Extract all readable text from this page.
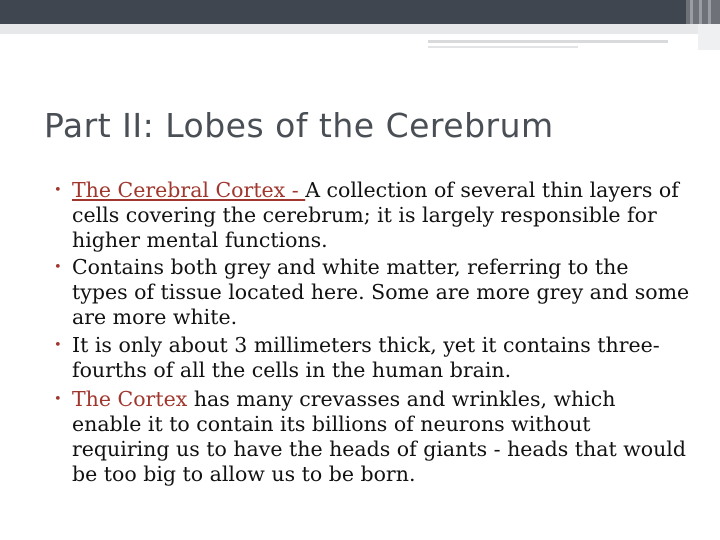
Part II: Lobes of the Cerebrum
• The Cerebral Cortex - A collection of several thin layers of cells covering the cerebrum; it is largely responsible for higher mental functions.
• Contains both grey and white matter, referring to the types of tissue located here. Some are more grey and some are more white.
• It is only about 3 millimeters thick, yet it contains three-fourths of all the cells in the human brain.
• The Cortex has many crevasses and wrinkles, which enable it to contain its billions of neurons without requiring us to have the heads of giants - heads that would be too big to allow us to be born.
